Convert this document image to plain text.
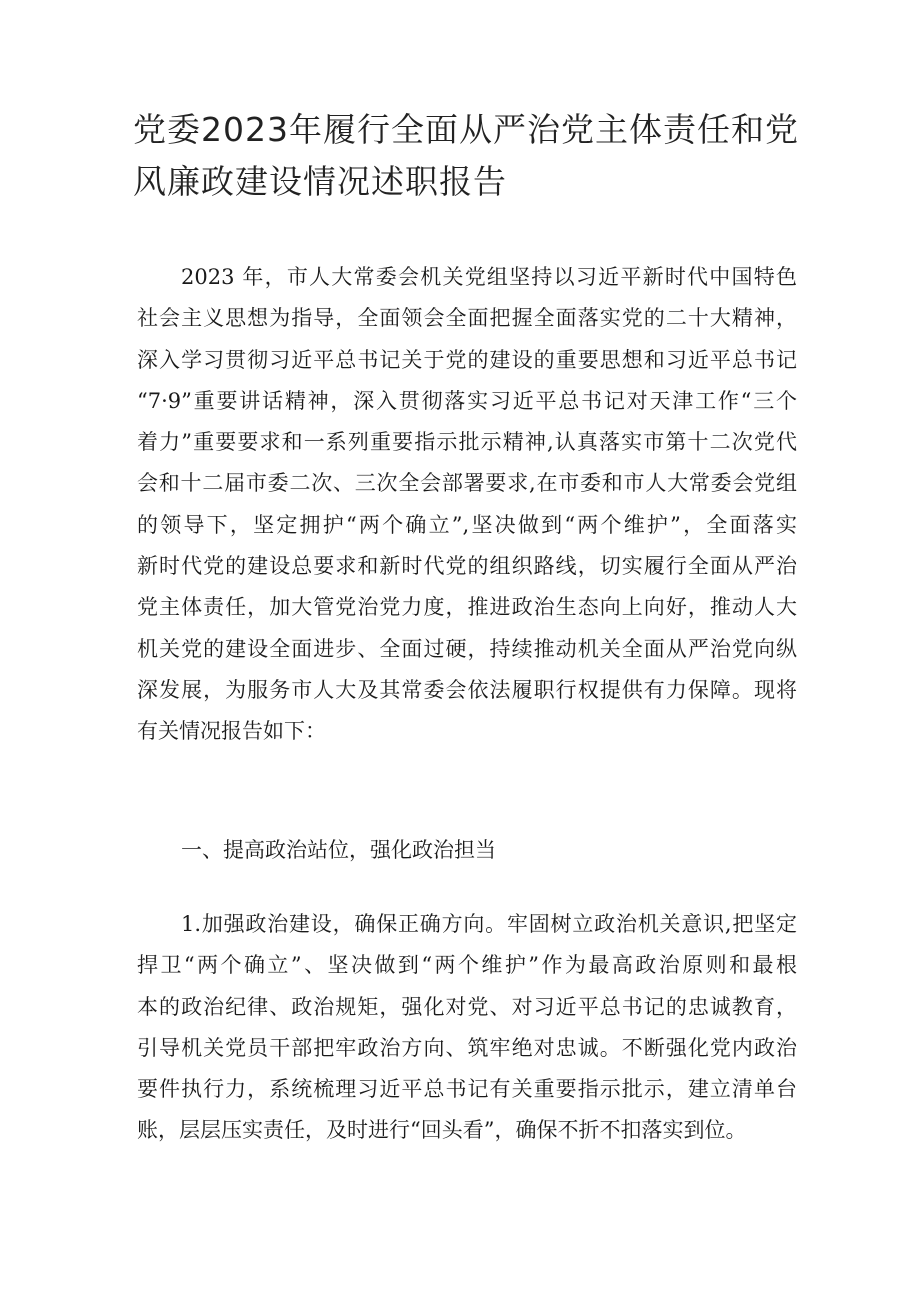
党委2023年履行全面从严治党主体责任和党
风廉政建设情况述职报告
2023 年，市人大常委会机关党组坚持以习近平新时代中国特色
社会主义思想为指导，全面领会全面把握全面落实党的二十大精神，
深入学习贯彻习近平总书记关于党的建设的重要思想和习近平总书记
“7·9”重要讲话精神，深入贯彻落实习近平总书记对天津工作“三个
着力”重要要求和一系列重要指示批示精神,认真落实市第十二次党代
会和十二届市委二次、三次全会部署要求,在市委和市人大常委会党组
的领导下，坚定拥护“两个确立”,坚决做到“两个维护”，全面落实
新时代党的建设总要求和新时代党的组织路线，切实履行全面从严治
党主体责任，加大管党治党力度，推进政治生态向上向好，推动人大
机关党的建设全面进步、全面过硬，持续推动机关全面从严治党向纵
深发展，为服务市人大及其常委会依法履职行权提供有力保障。现将
有关情况报告如下：
一、提高政治站位，强化政治担当
1.加强政治建设，确保正确方向。牢固树立政治机关意识,把坚定
捍卫“两个确立”、坚决做到“两个维护”作为最高政治原则和最根
本的政治纪律、政治规矩，强化对党、对习近平总书记的忠诚教育，
引导机关党员干部把牢政治方向、筑牢绝对忠诚。不断强化党内政治
要件执行力，系统梳理习近平总书记有关重要指示批示，建立清单台
账，层层压实责任，及时进行“回头看”，确保不折不扣落实到位。
